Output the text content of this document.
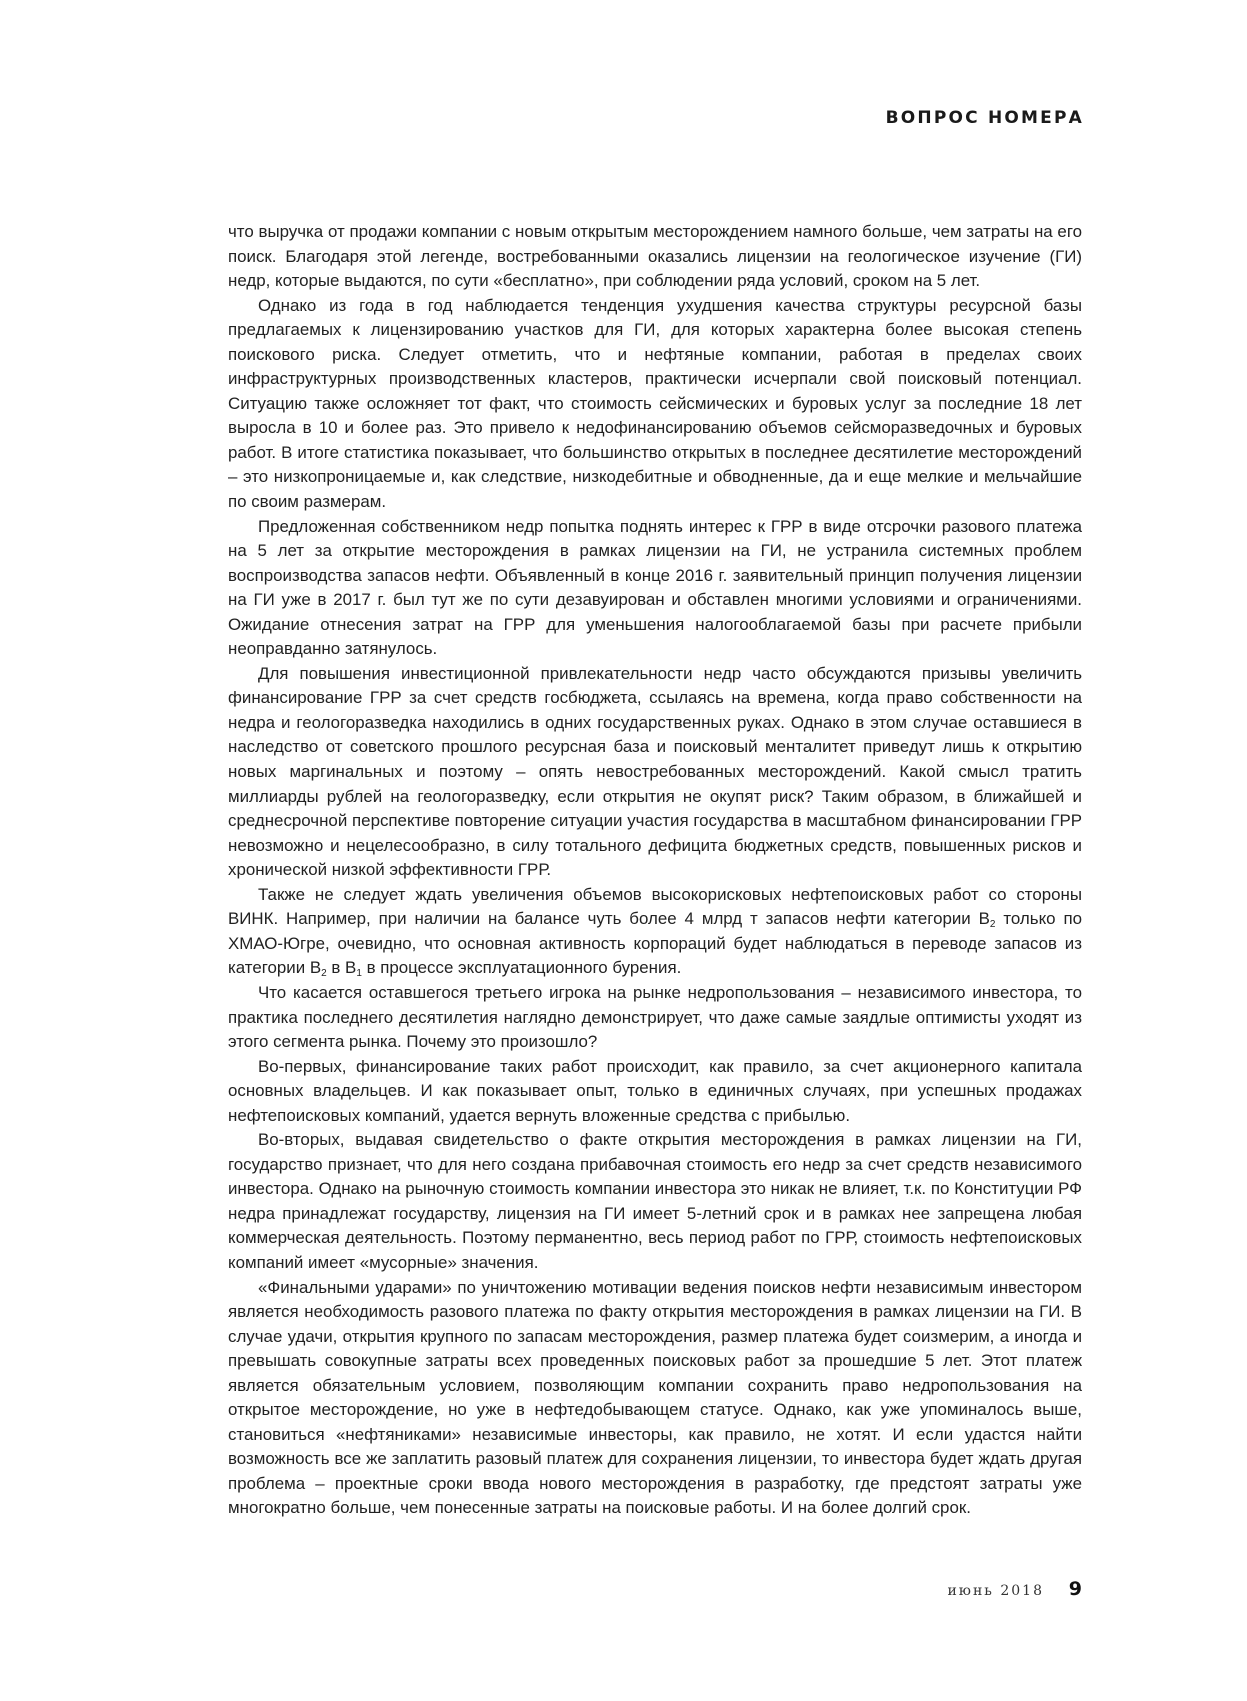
ВОПРОС НОМЕРА

что выручка от продажи компании с новым открытым месторождением намного больше, чем затраты на его поиск. Благодаря этой легенде, востребованными оказались лицензии на геологическое изучение (ГИ) недр, которые выдаются, по сути «бесплатно», при соблюдении ряда условий, сроком на 5 лет.

Однако из года в год наблюдается тенденция ухудшения качества структуры ресурсной базы предлагаемых к лицензированию участков для ГИ, для которых характерна более высокая степень поискового риска. Следует отметить, что и нефтяные компании, работая в пределах своих инфраструктурных производственных кластеров, практически исчерпали свой поисковый потенциал. Ситуацию также осложняет тот факт, что стоимость сейсмических и буровых услуг за последние 18 лет выросла в 10 и более раз. Это привело к недофинансированию объемов сейсморазведочных и буровых работ. В итоге статистика показывает, что большинство открытых в последнее десятилетие месторождений – это низкопроницаемые и, как следствие, низкодебитные и обводненные, да и еще мелкие и мельчайшие по своим размерам.

Предложенная собственником недр попытка поднять интерес к ГРР в виде отсрочки разового платежа на 5 лет за открытие месторождения в рамках лицензии на ГИ, не устранила системных проблем воспроизводства запасов нефти. Объявленный в конце 2016 г. заявительный принцип получения лицензии на ГИ уже в 2017 г. был тут же по сути дезавуирован и обставлен многими условиями и ограничениями. Ожидание отнесения затрат на ГРР для уменьшения налогооблагаемой базы при расчете прибыли неоправданно затянулось.

Для повышения инвестиционной привлекательности недр часто обсуждаются призывы увеличить финансирование ГРР за счет средств госбюджета, ссылаясь на времена, когда право собственности на недра и геологоразведка находились в одних государственных руках. Однако в этом случае оставшиеся в наследство от советского прошлого ресурсная база и поисковый менталитет приведут лишь к открытию новых маргинальных и поэтому – опять невостребованных месторождений. Какой смысл тратить миллиарды рублей на геологоразведку, если открытия не окупят риск? Таким образом, в ближайшей и среднесрочной перспективе повторение ситуации участия государства в масштабном финансировании ГРР невозможно и нецелесообразно, в силу тотального дефицита бюджетных средств, повышенных рисков и хронической низкой эффективности ГРР.

Также не следует ждать увеличения объемов высокорисковых нефтепоисковых работ со стороны ВИНК. Например, при наличии на балансе чуть более 4 млрд т запасов нефти категории $В_2$ только по ХМАО-Югре, очевидно, что основная активность корпораций будет наблюдаться в переводе запасов из категории $В_2$ в $В_1$ в процессе эксплуатационного бурения.

Что касается оставшегося третьего игрока на рынке недропользования – независимого инвестора, то практика последнего десятилетия наглядно демонстрирует, что даже самые заядлые оптимисты уходят из этого сегмента рынка. Почему это произошло?

Во-первых, финансирование таких работ происходит, как правило, за счет акционерного капитала основных владельцев. И как показывает опыт, только в единичных случаях, при успешных продажах нефтепоисковых компаний, удается вернуть вложенные средства с прибылью.

Во-вторых, выдавая свидетельство о факте открытия месторождения в рамках лицензии на ГИ, государство признает, что для него создана прибавочная стоимость его недр за счет средств независимого инвестора. Однако на рыночную стоимость компании инвестора это никак не влияет, т.к. по Конституции РФ недра принадлежат государству, лицензия на ГИ имеет 5-летний срок и в рамках нее запрещена любая коммерческая деятельность. Поэтому перманентно, весь период работ по ГРР, стоимость нефтепоисковых компаний имеет «мусорные» значения.

«Финальными ударами» по уничтожению мотивации ведения поисков нефти независимым инвестором является необходимость разового платежа по факту открытия месторождения в рамках лицензии на ГИ. В случае удачи, открытия крупного по запасам месторождения, размер платежа будет соизмерим, а иногда и превышать совокупные затраты всех проведенных поисковых работ за прошедшие 5 лет. Этот платеж является обязательным условием, позволяющим компании сохранить право недропользования на открытое месторождение, но уже в нефтедобывающем статусе. Однако, как уже упоминалось выше, становиться «нефтяниками» независимые инвесторы, как правило, не хотят. И если удастся найти возможность все же заплатить разовый платеж для сохранения лицензии, то инвестора будет ждать другая проблема – проектные сроки ввода нового месторождения в разработку, где предстоят затраты уже многократно больше, чем понесенные затраты на поисковые работы. И на более долгий срок.

июнь 2018 9
